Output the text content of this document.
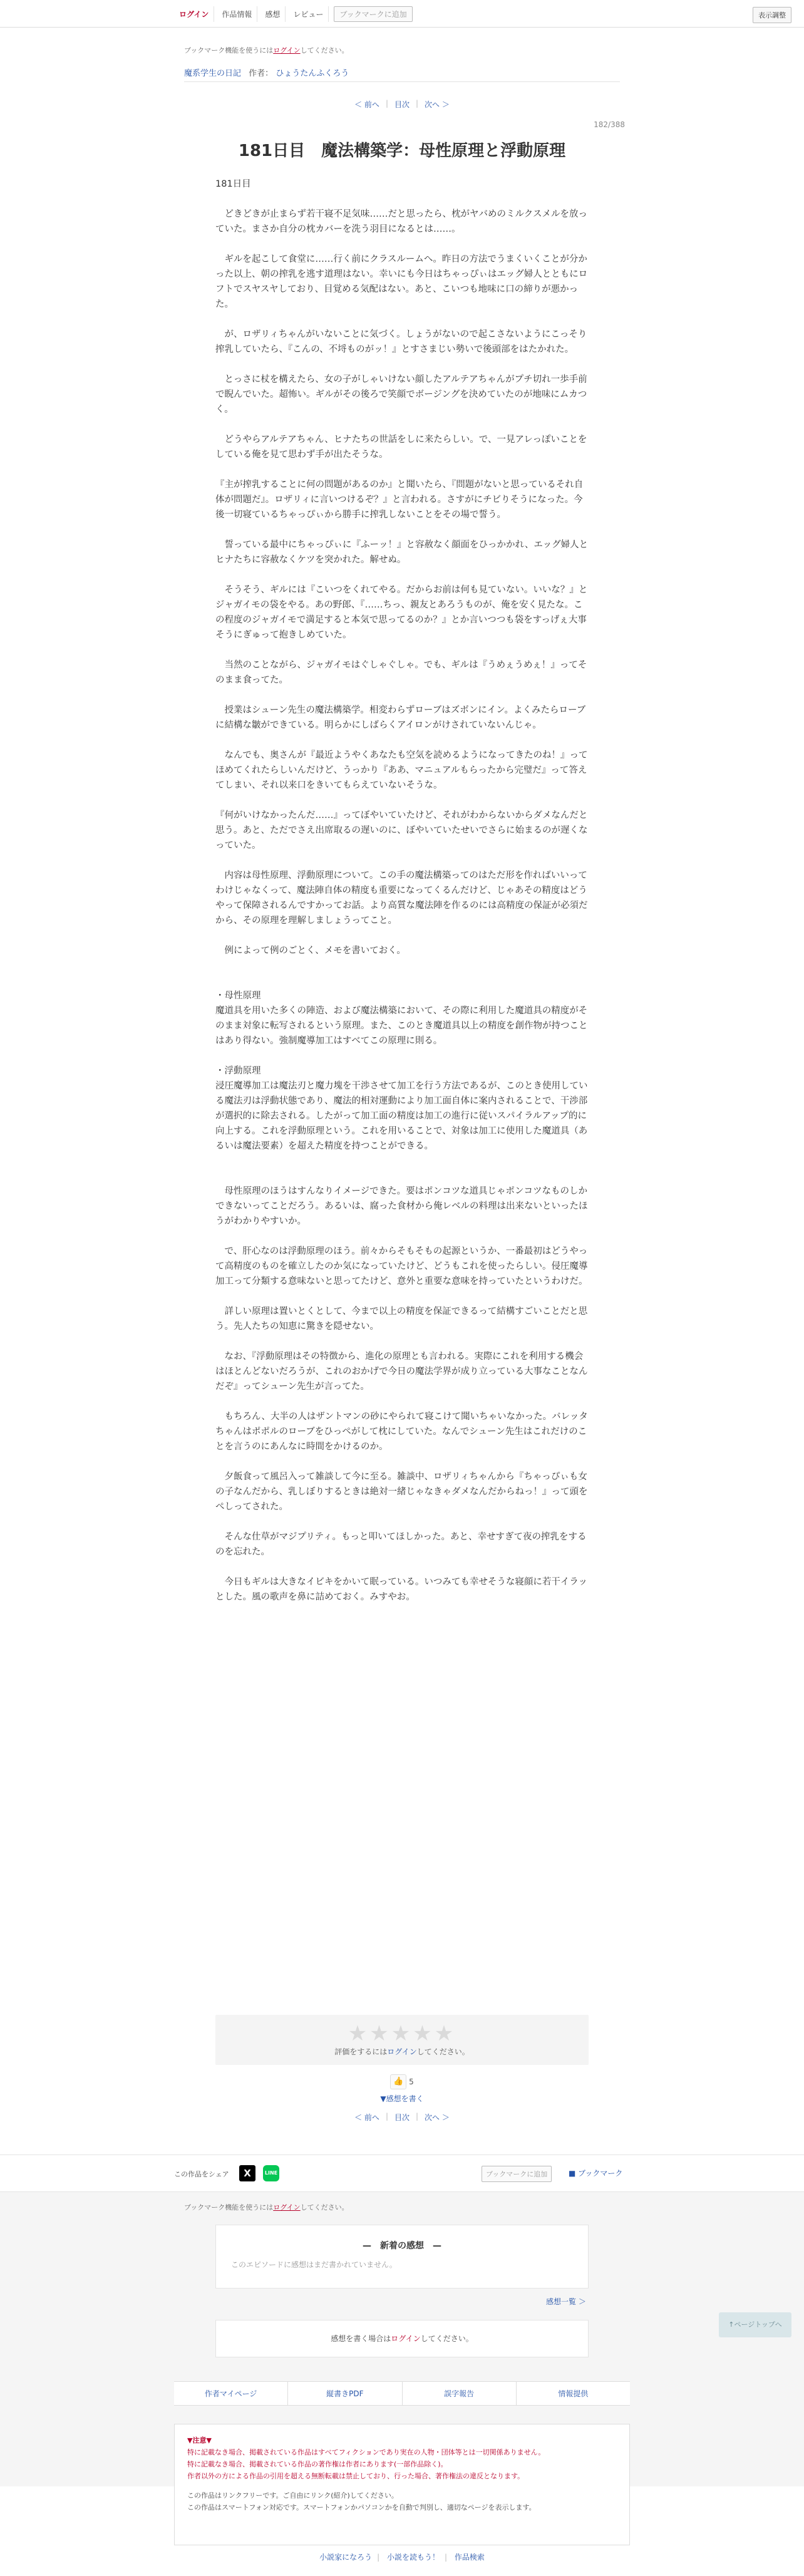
ログイン	作品情報	感想	レビュー	ブックマークに追加	表示調整
ブックマーク機能を使うにはログインしてください。
魔系学生の日記 作者： ひょうたんふくろう
＜ 前へ | 目次 | 次へ ＞
182/388
181日目　魔法構築学：母性原理と浮動原理

181日目

　どきどきが止まらず若干寝不足気味……だと思ったら、枕がヤバめのミルクスメルを放っていた。まさか自分の枕カバーを洗う羽目になるとは……。

　ギルを起こして食堂に……行く前にクラスルームへ。昨日の方法でうまくいくことが分かった以上、朝の搾乳を逃す道理はない。幸いにも今日はちゃっぴぃはエッグ婦人とともにロフトでスヤスヤしており、目覚める気配はない。あと、こいつも地味に口の締りが悪かった。

　が、ロザリィちゃんがいないことに気づく。しょうがないので起こさないようにこっそり搾乳していたら、『こんの、不埒ものがッ！』とすさまじい勢いで後頭部をはたかれた。

　とっさに杖を構えたら、女の子がしゃいけない顔したアルテアちゃんがプチ切れ一歩手前で睨んでいた。超怖い。ギルがその後ろで笑顔でボージングを決めていたのが地味にムカつく。

　どうやらアルテアちゃん、ヒナたちの世話をしに来たらしい。で、一見アレっぽいことをしている俺を見て思わず手が出たそうな。

『主が搾乳することに何の問題があるのか』と聞いたら、『問題がないと思っているそれ自体が問題だ』。ロザリィに言いつけるぞ？』と言われる。さすがにチビりそうになった。今後一切寝ているちゃっぴぃから勝手に搾乳しないことをその場で誓う。

　誓っている最中にちゃっぴぃに『ふーッ！』と容赦なく顔面をひっかかれ、エッグ婦人とヒナたちに容赦なくケツを突かれた。解せぬ。

　そうそう、ギルには『こいつをくれてやる。だからお前は何も見ていない。いいな？』とジャガイモの袋をやる。あの野郎、『……ちっ、親友とあろうものが、俺を安く見たな。この程度のジャガイモで満足すると本気で思ってるのか？』とか言いつつも袋をすっげぇ大事そうにぎゅって抱きしめていた。

　当然のことながら、ジャガイモはぐしゃぐしゃ。でも、ギルは『うめぇうめぇ！』ってそのまま食ってた。

　授業はシューン先生の魔法構築学。相変わらずローブはズボンにイン。よくみたらローブに結構な皺ができている。明らかにしばらくアイロンがけされていないんじゃ。

　なんでも、奥さんが『最近ようやくあなたも空気を読めるようになってきたのね！』ってほめてくれたらしいんだけど、うっかり『ああ、マニュアルもらったから完璧だ』って答えてしまい、それ以来口をきいてもらえていないそうな。

『何がいけなかったんだ……』ってぼやいていたけど、それがわからないからダメなんだと思う。あと、ただでさえ出席取るの遅いのに、ぼやいていたせいでさらに始まるのが遅くなっていた。

　内容は母性原理、浮動原理について。この手の魔法構築ってのはただ形を作ればいいってわけじゃなくって、魔法陣自体の精度も重要になってくるんだけど、じゃあその精度はどうやって保障されるんですかってお話。より高質な魔法陣を作るのには高精度の保証が必須だから、その原理を理解しましょうってこと。

　例によって例のごとく、メモを書いておく。

・母性原理

魔道具を用いた多くの陣造、および魔法構築において、その際に利用した魔道具の精度がそのまま対象に転写されるという原理。また、このとき魔道具以上の精度を創作物が持つことはあり得ない。強制魔導加工はすべてこの原理に則る。

・浮動原理

浸圧魔導加工は魔法刃と魔力塊を干渉させて加工を行う方法であるが、このとき使用している魔法刃は浮動状態であり、魔法的相対運動により加工面自体に案内されることで、干渉部が選択的に除去される。したがって加工面の精度は加工の進行に従いスパイラルアップ的に向上する。これを浮動原理という。これを用いることで、対象は加工に使用した魔道具（あるいは魔法要素）を超えた精度を持つことができる。

　母性原理のほうはすんなりイメージできた。要はポンコツな道具じゃポンコツなものしかできないってことだろう。あるいは、腐った食材から俺レベルの料理は出来ないといったほうがわかりやすいか。

　で、肝心なのは浮動原理のほう。前々からそもそもの起源というか、一番最初はどうやって高精度のものを確立したのか気になっていたけど、どうもこれを使ったらしい。侵圧魔導加工って分類する意味ないと思ってたけど、意外と重要な意味を持っていたというわけだ。

　詳しい原理は置いとくとして、今まで以上の精度を保証できるって結構すごいことだと思う。先人たちの知恵に驚きを隠せない。

　なお、『浮動原理はその特徴から、進化の原理とも言われる。実際にこれを利用する機会はほとんどないだろうが、これのおかげで今日の魔法学界が成り立っている大事なことなんだぞ』ってシューン先生が言ってた。

　もちろん、大半の人はザントマンの砂にやられて寝こけて聞いちゃいなかった。バレッタちゃんはポポルのローブをひっぺがして枕にしていた。なんでシューン先生はこれだけのことを言うのにあんなに時間をかけるのか。

　夕飯食って風呂入って雑談して今に至る。雑談中、ロザリィちゃんから『ちゃっぴぃも女の子なんだから、乳しぼりするときは絶対一緒じゃなきゃダメなんだからねっ！』って頭をぺしってされた。

　そんな仕草がマジプリティ。もっと叩いてほしかった。あと、幸せすぎて夜の搾乳をするのを忘れた。

　今日もギルは大きなイビキをかいて眠っている。いつみても幸せそうな寝顔に若干イラッとした。風の歌声を鼻に詰めておく。みすやお。

★★★★★
評価をするにはログインしてください。
👍 5
▼感想を書く
＜ 前へ | 目次 | 次へ ＞
この作品をシェア	X	LINE	ブックマークに追加	■ ブックマーク
ブックマーク機能を使うにはログインしてください。
—　新着の感想　—
このエピソードに感想はまだ書かれていません。
感想一覧 ＞
感想を書く場合はログインしてください。
↑ページトップへ
作者マイページ	縦書きPDF	誤字報告	情報提供
▼注意▼
特に記載なき場合、掲載されている作品はすべてフィクションであり実在の人物・団体等とは一切関係ありません。
特に記載なき場合、掲載されている作品の著作権は作者にあります(一部作品除く)。
作者以外の方による作品の引用を超える無断転載は禁止しており、行った場合、著作権法の違反となります。
この作品はリンクフリーです。ご自由にリンク(紹介)してください。
この作品はスマートフォン対応です。スマートフォンかパソコンかを自動で判別し、適切なページを表示します。
小説家になろう | 小説を読もう！ | 作品検索
